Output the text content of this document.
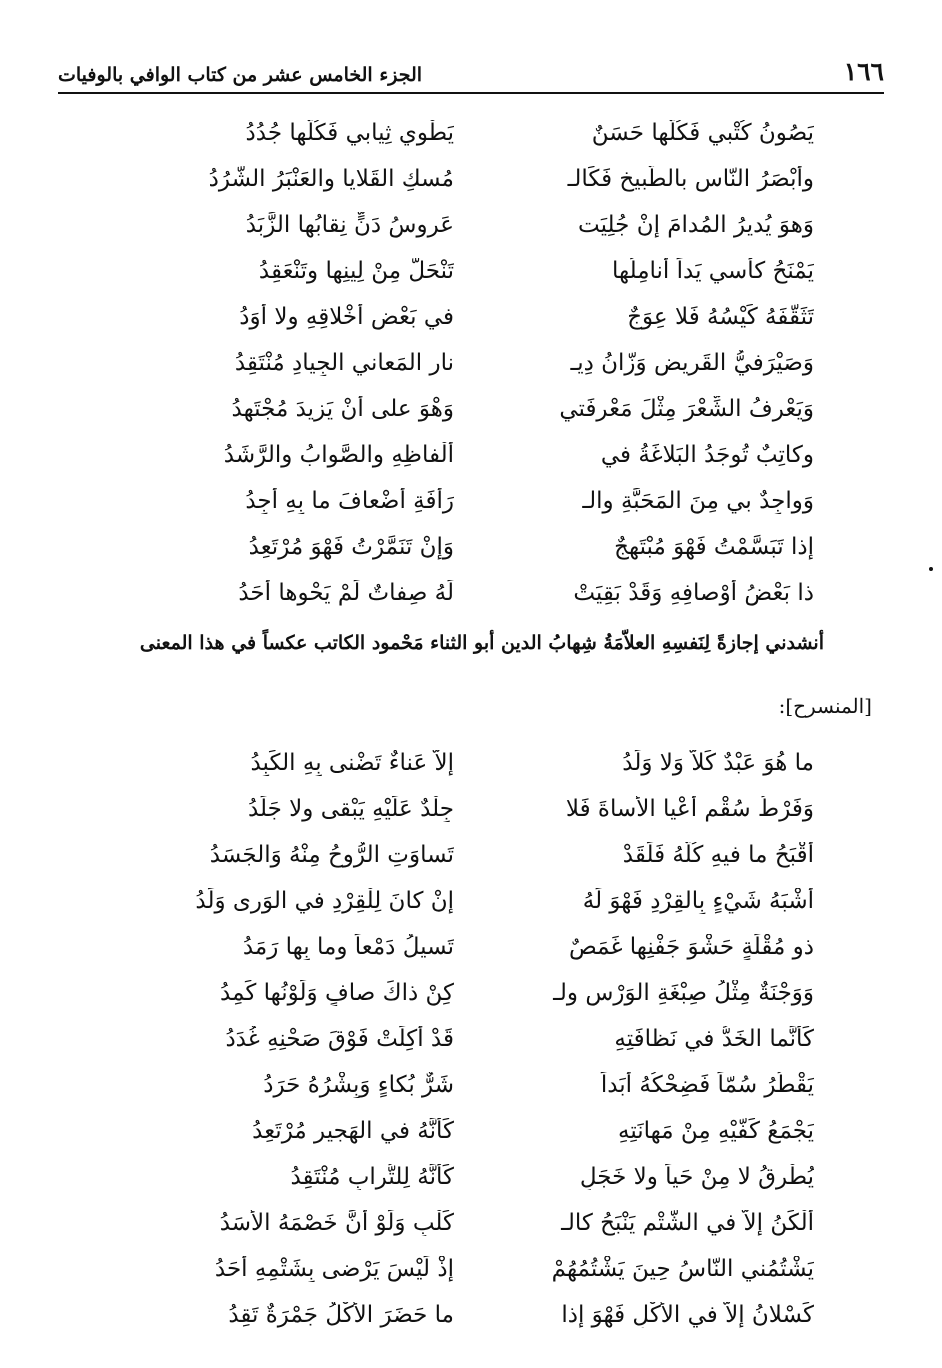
١٦٦
الجزء الخامس عشر من كتاب الوافي بالوفيات
يَصُونُ كُتْبي فَكُلُّها حَسَنٌ
يَطْوي ثِيابي فَكُلُّها جُدُدُ
وأَبْصَرُ النّاسِ بالطَّبيخِ فَكَالـ
مُسكِ القَلايا والعَنْبَرُ الشَّرُدُ
وَهوَ يُديرُ المُدامَ إنْ جُلِيَت
عَروسُ دَنٍّ نِقابُها الزَّبَدُ
يَمْنَحُ كأسي يَداً أَنامِلُها
تَنْحَلُّ مِنْ لِينِها وتَنْعَقِدُ
تَثَقَّفَهُ كَيْسُهُ فَلا عِوَجٌ
في بَعْضِ أَخْلاقِهِ ولا أَوَدُ
وَصَيْرَفيُّ القَريضِ وَزّانُ دِيـ
نارِ المَعاني الجِيادِ مُنْتَقِدُ
وَيَعْرِفُ الشِّعْرَ مِثْلَ مَعْرِفَتي
وَهْوَ على أَنْ يَزيدَ مُجْتَهِدُ
وكاتِبٌ تُوجَدُ البَلاغَةُ في
أَلْفاظِهِ والصَّوابُ والرَّشَدُ
وَواجِدٌ بي مِنَ المَحَبَّةِ والـ
رَأْفَةِ أَضْعافَ ما بِهِ أَجِدُ
إذا تَبَسَّمْتُ فَهْوَ مُبْتَهِجٌ
وَإنْ تَنَمَّرْتُ فَهْوَ مُرْتَعِدُ
ذا بَعْضُ أَوْصافِهِ وَقَدْ بَقِيَتْ
لَهُ صِفاتٌ لَمْ يَحْوِها أَحَدُ
أنشدني إجازةً لِنَفسِهِ العلاّمَةُ شِهابُ الدين أبو الثناء مَحْمود الكاتب عكساً في هذا المعنى
[المنسرح]:
ما هُوَ عَبْدٌ كَلاٌّ وَلا وَلَدُ
إلاّ عَناءٌ تَضْنى بِهِ الكَبِدُ
وَفَرْطُ سُقْمٍ أَعْيا الأُساةَ فَلا
جِلْدٌ عَلَيْهِ يَبْقى ولا جَلَدُ
أَقْبَحُ ما فيهِ كُلُّهُ فَلَقَدْ
تَساوَتِ الرُّوحُ مِنْهُ وَالجَسَدُ
أَشْبَهُ شَيْءٍ بِالقِرْدِ فَهْوَ لَهُ
إنْ كانَ لِلْقِرْدِ في الوَرى وَلَدُ
ذو مُقْلَةٍ حَشْوَ جَفْنِها غَمَصٌ
تَسيلُ دَمْعاً وما بِها رَمَدُ
وَوَجْنَةٌ مِثْلُ صِبْغَةِ الوَرْسِ ولـ
كِنْ ذاكَ صافٍ وَلَوْنُها كَمِدُ
كَأَنَّما الخَدُّ في نَظافَتِهِ
قَدْ أُكِلَتْ فَوْقَ صَحْنِهِ غُدَدُ
يَقْطُرُ سُمّاً فَضِحْكُهُ أَبَداً
شَرٌّ بُكاءٍ وَبِشْرُهُ حَرَدُ
يَجْمَعُ كَفَّيْهِ مِنْ مَهانَتِهِ
كَأَنَّهُ في الهَجيرِ مُرْتَعِدُ
يُطْرِقُ لا مِنْ حَياً ولا خَجَلٍ
كَأَنَّهُ لِلتُّرابِ مُنْتَقِدُ
أَلْكَنُ إلاّ في الشَّتْمِ يَنْبَحُ كالـ
كَلْبِ وَلَوْ أَنَّ خَصْمَهُ الأَسَدُ
يَشْتُمُني النّاسُ حِينَ يَشْتُمُهُمْ
إذْ لَيْسَ يَرْضى بِشَتْمِهِ أَحَدُ
كَسْلانُ إلاّ في الأَكْلِ فَهْوَ إذا
ما حَضَرَ الأَكْلُ جَمْرَةٌ تَقِدُ
